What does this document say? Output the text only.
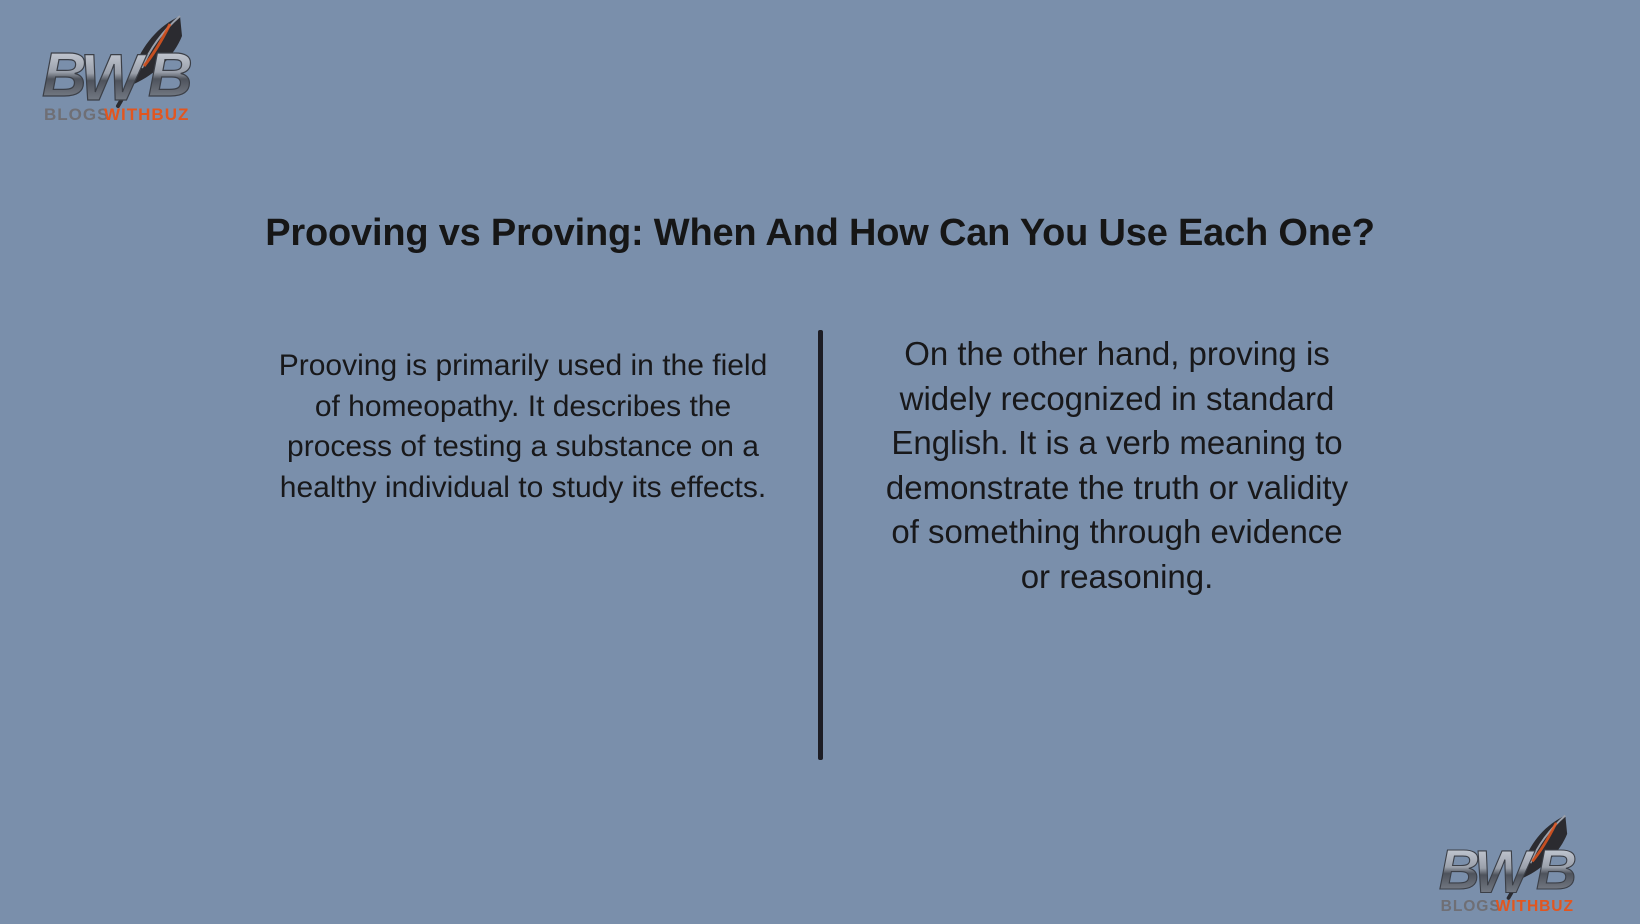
B
W B
BLOGS
WITHBUZ
Prooving vs Proving: When And How Can You Use Each One?
Prooving is primarily used in the field of homeopathy. It describes the process of testing a substance on a healthy individual to study its effects.
On the other hand, proving is widely recognized in standard English. It is a verb meaning to demonstrate the truth or validity of something through evidence or reasoning.
B
W B
BLOGS
WITHBUZ
